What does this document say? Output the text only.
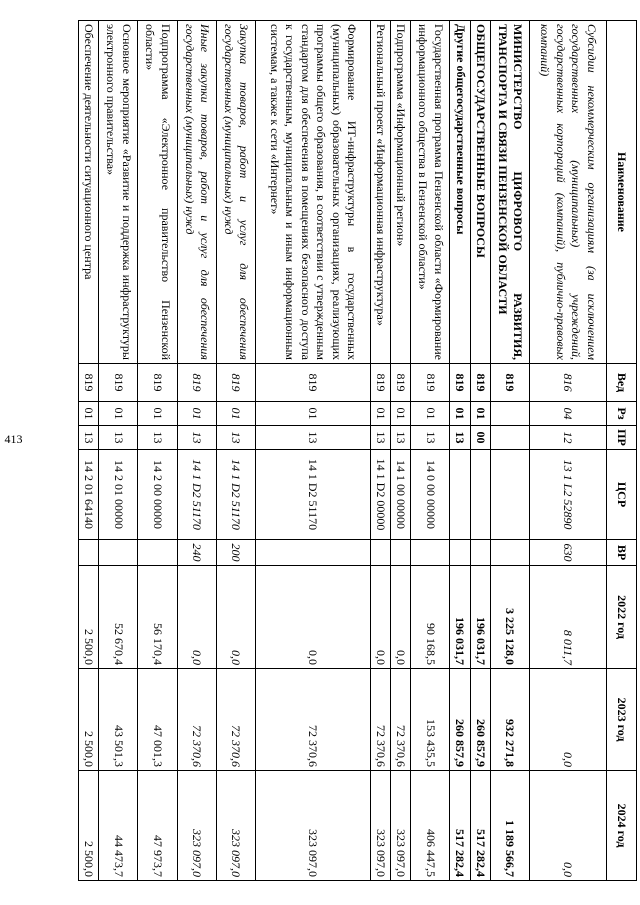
413
Наименование	Вед	Рз	ПР	ЦСР	ВР	2022 год	2023 год	2024 год
Субсидии некоммерческим организациям (за исключением государственных (муниципальных) учреждений, государственных корпораций (компаний), публично-правовых компаний)	816	04	12	13 1 L2 52890	630	8 011,7	0,0	0,0
МИНИСТЕРСТВО ЦИФРОВОГО РАЗВИТИЯ, ТРАНСПОРТА И СВЯЗИ ПЕНЗЕНСКОЙ ОБЛАСТИ	819					3 225 128,0	932 271,8	1 189 566,7
ОБЩЕГОСУДАРСТВЕННЫЕ ВОПРОСЫ	819	01	00			196 031,7	260 857,9	517 282,4
Другие общегосударственные вопросы	819	01	13			196 031,7	260 857,9	517 282,4
Государственная программа Пензенской области «Формирование информационного общества в Пензенской области»	819	01	13	14 0 00 00000		90 168,5	153 435,5	406 447,5
Подпрограмма «Информационный регион»	819	01	13	14 1 00 00000		0,0	72 370,6	323 097,0
Региональный проект «Информационная инфраструктура»	819	01	13	14 1 D2 00000		0,0	72 370,6	323 097,0
Формирование ИТ-инфраструктуры в государственных (муниципальных) образовательных организациях, реализующих программы общего образования, в соответствии с утвержденным стандартом для обеспечения в помещениях безопасного доступа к государственным, муниципальным и иным информационным системам, а также к сети «Интернет»	819	01	13	14 1 D2 51170		0,0	72 370,6	323 097,0
Закупка товаров, работ и услуг для обеспечения государственных (муниципальных) нужд	819	01	13	14 1 D2 51170	200	0,0	72 370,6	323 097,0
Иные закупки товаров, работ и услуг для обеспечения государственных (муниципальных) нужд	819	01	13	14 1 D2 51170	240	0,0	72 370,6	323 097,0
Подпрограмма «Электронное правительство Пензенской области»	819	01	13	14 2 00 00000		56 170,4	47 001,3	47 973,7
Основное мероприятие «Развитие и поддержка инфраструктуры электронного правительства»	819	01	13	14 2 01 00000		52 670,4	43 501,3	44 473,7
Обеспечение деятельности ситуационного центра	819	01	13	14 2 01 64140		2 500,0	2 500,0	2 500,0
